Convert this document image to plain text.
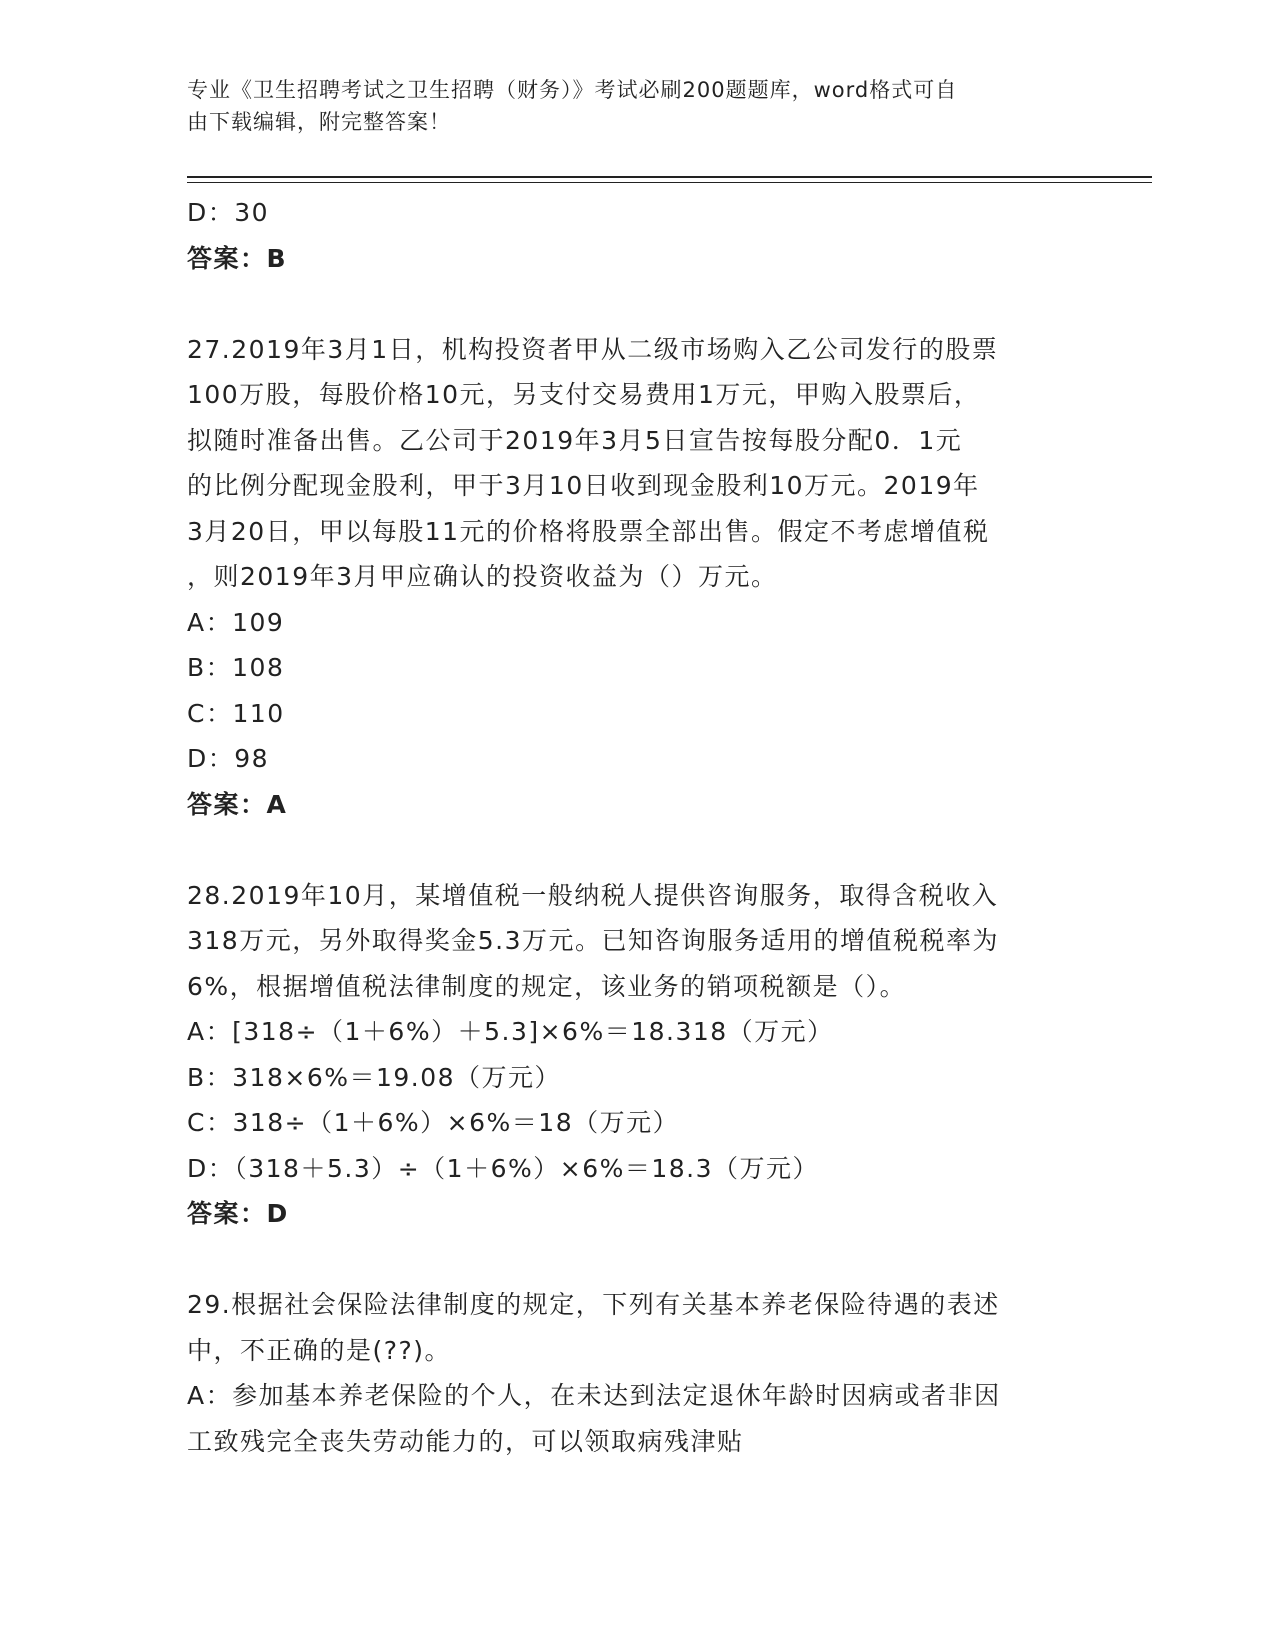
专业《卫生招聘考试之卫生招聘（财务）》考试必刷200题题库，word格式可自
由下载编辑，附完整答案！
D：30
答案：B
27.2019年3月1日，机构投资者甲从二级市场购入乙公司发行的股票
100万股，每股价格10元，另支付交易费用1万元，甲购入股票后，
拟随时准备出售。乙公司于2019年3月5日宣告按每股分配0．1元
的比例分配现金股利，甲于3月10日收到现金股利10万元。2019年
3月20日，甲以每股11元的价格将股票全部出售。假定不考虑增值税
，则2019年3月甲应确认的投资收益为（）万元。
A：109
B：108
C：110
D：98
答案：A
28.2019年10月，某增值税一般纳税人提供咨询服务，取得含税收入
318万元，另外取得奖金5.3万元。已知咨询服务适用的增值税税率为
6%，根据增值税法律制度的规定，该业务的销项税额是（）。
A：[318÷（1＋6%）＋5.3]×6%＝18.318（万元）
B：318×6%＝19.08（万元）
C：318÷（1＋6%）×6%＝18（万元）
D：（318＋5.3）÷（1＋6%）×6%＝18.3（万元）
答案：D
29.根据社会保险法律制度的规定，下列有关基本养老保险待遇的表述
中，不正确的是(??)。
A：参加基本养老保险的个人，在未达到法定退休年龄时因病或者非因
工致残完全丧失劳动能力的，可以领取病残津贴
